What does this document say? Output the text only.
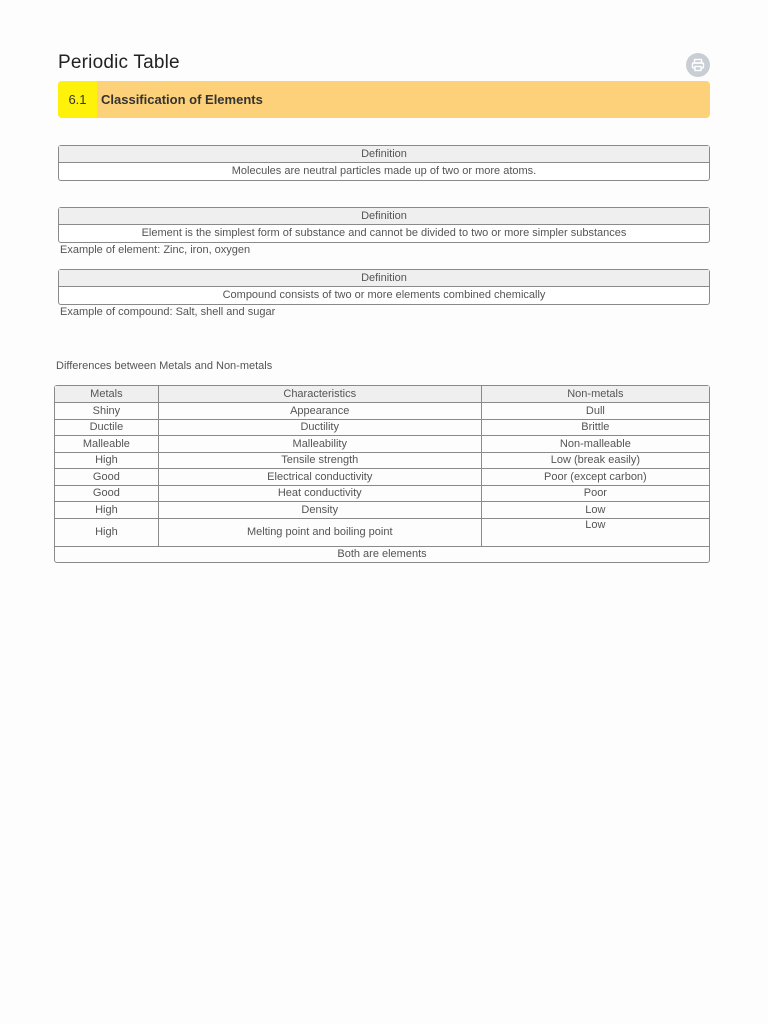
Periodic Table
6.1	Classification of Elements
Definition
Molecules are neutral particles made up of two or more atoms.
Definition
Element is the simplest form of substance and cannot be divided to two or more simpler substances
Example of element: Zinc, iron, oxygen
Definition
Compound consists of two or more elements combined chemically
Example of compound: Salt, shell and sugar
Differences between Metals and Non-metals
Metals	Characteristics	Non-metals
Shiny	Appearance	Dull
Ductile	Ductility	Brittle
Malleable	Malleability	Non-malleable
High	Tensile strength	Low (break easily)
Good	Electrical conductivity	Poor (except carbon)
Good	Heat conductivity	Poor
High	Density	Low
High	Melting point and boiling point	Low
Both are elements		
